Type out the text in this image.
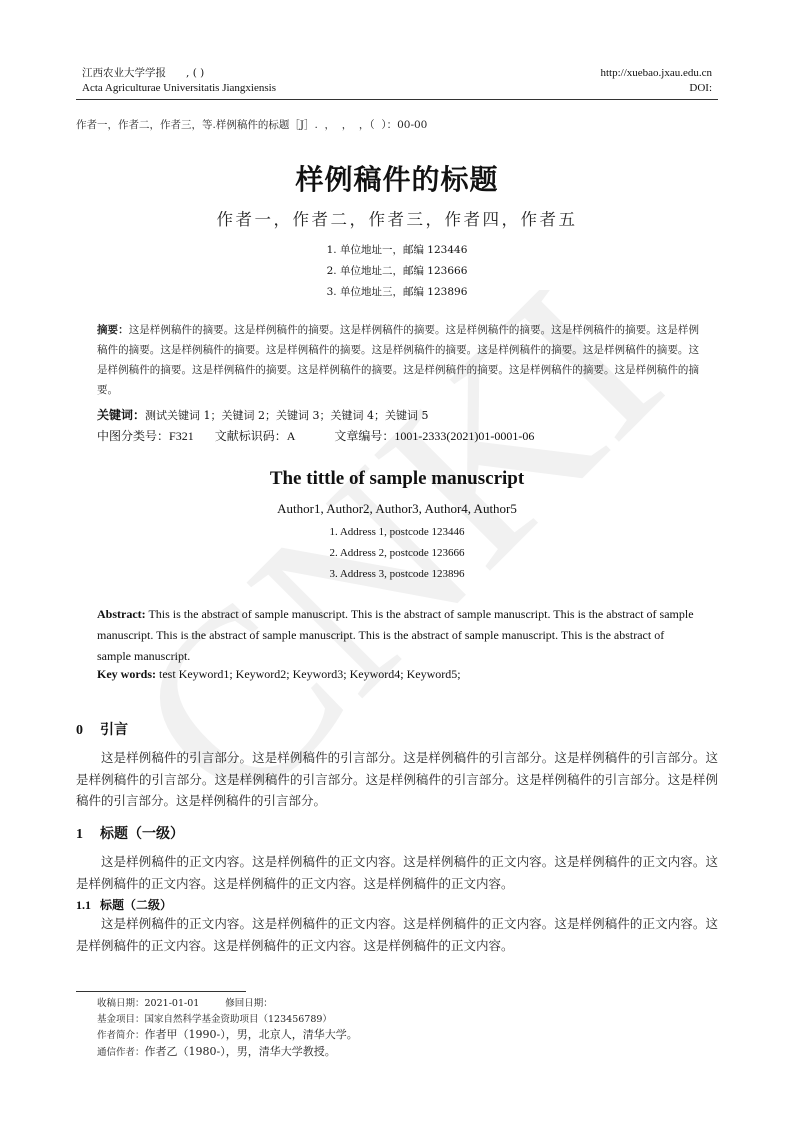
CNKI
江西农业大学学报      , ( )	http://xuebao.jxau.edu.cn
Acta Agriculturae Universitatis Jiangxiensis	DOI:
作者一，作者二，作者三，等.样例稿件的标题［J］.  ，  ，  ，（  ）：00-00
样例稿件的标题
作者一，作者二，作者三，作者四，作者五
1. 单位地址一，邮编 123446
2. 单位地址二，邮编 123666
3. 单位地址三，邮编 123896
摘要：这是样例稿件的摘要。这是样例稿件的摘要。这是样例稿件的摘要。这是样例稿件的摘要。这是样例稿件的摘要。这是样例稿件的摘要。这是样例稿件的摘要。这是样例稿件的摘要。这是样例稿件的摘要。这是样例稿件的摘要。这是样例稿件的摘要。这是样例稿件的摘要。这是样例稿件的摘要。这是样例稿件的摘要。这是样例稿件的摘要。这是样例稿件的摘要。这是样例稿件的摘要。
关键词：测试关键词 1；关键词 2；关键词 3；关键词 4；关键词 5
中图分类号：F321 文献标识码：A	文章编号：1001-2333(2021)01-0001-06
The tittle of sample manuscript
Author1, Author2, Author3, Author4, Author5
1. Address 1, postcode 123446
2. Address 2, postcode 123666
3. Address 3, postcode 123896
Abstract: This is the abstract of sample manuscript. This is the abstract of sample manuscript. This is the abstract of sample manuscript. This is the abstract of sample manuscript. This is the abstract of sample manuscript. This is the abstract of sample manuscript.
Key words: test Keyword1; Keyword2; Keyword3; Keyword4; Keyword5;
0 引言
这是样例稿件的引言部分。这是样例稿件的引言部分。这是样例稿件的引言部分。这是样例稿件的引言部分。这是样例稿件的引言部分。这是样例稿件的引言部分。这是样例稿件的引言部分。这是样例稿件的引言部分。这是样例稿件的引言部分。这是样例稿件的引言部分。
1 标题（一级）
这是样例稿件的正文内容。这是样例稿件的正文内容。这是样例稿件的正文内容。这是样例稿件的正文内容。这是样例稿件的正文内容。这是样例稿件的正文内容。这是样例稿件的正文内容。
1.1 标题（二级）
这是样例稿件的正文内容。这是样例稿件的正文内容。这是样例稿件的正文内容。这是样例稿件的正文内容。这是样例稿件的正文内容。这是样例稿件的正文内容。这是样例稿件的正文内容。
收稿日期：2021-01-01	修回日期：
基金项目：国家自然科学基金资助项目（123456789）
作者简介：作者甲（1990-），男，北京人，清华大学。
通信作者：作者乙（1980-），男，清华大学教授。
